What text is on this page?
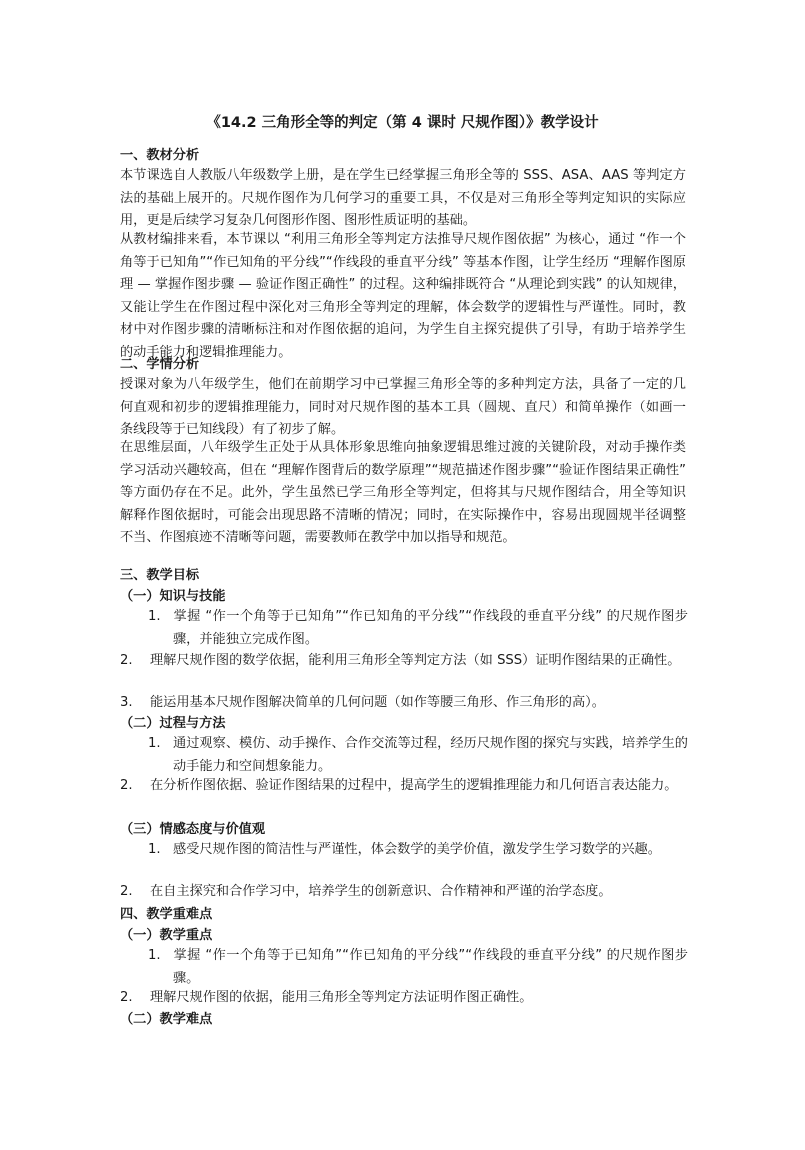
《14.2 三角形全等的判定（第 4 课时 尺规作图）》教学设计
一、教材分析
本节课选自人教版八年级数学上册，是在学生已经掌握三角形全等的 SSS、ASA、AAS 等判定方法的基础上展开的。尺规作图作为几何学习的重要工具，不仅是对三角形全等判定知识的实际应用，更是后续学习复杂几何图形作图、图形性质证明的基础。
从教材编排来看，本节课以 “利用三角形全等判定方法推导尺规作图依据” 为核心，通过 “作一个角等于已知角”“作已知角的平分线”“作线段的垂直平分线” 等基本作图，让学生经历 “理解作图原理 — 掌握作图步骤 — 验证作图正确性” 的过程。这种编排既符合 “从理论到实践” 的认知规律，又能让学生在作图过程中深化对三角形全等判定的理解，体会数学的逻辑性与严谨性。同时，教材中对作图步骤的清晰标注和对作图依据的追问，为学生自主探究提供了引导，有助于培养学生的动手能力和逻辑推理能力。
二、学情分析
授课对象为八年级学生，他们在前期学习中已掌握三角形全等的多种判定方法，具备了一定的几何直观和初步的逻辑推理能力，同时对尺规作图的基本工具（圆规、直尺）和简单操作（如画一条线段等于已知线段）有了初步了解。
在思维层面，八年级学生正处于从具体形象思维向抽象逻辑思维过渡的关键阶段，对动手操作类学习活动兴趣较高，但在 “理解作图背后的数学原理”“规范描述作图步骤”“验证作图结果正确性” 等方面仍存在不足。此外，学生虽然已学三角形全等判定，但将其与尺规作图结合，用全等知识解释作图依据时，可能会出现思路不清晰的情况；同时，在实际操作中，容易出现圆规半径调整不当、作图痕迹不清晰等问题，需要教师在教学中加以指导和规范。
三、教学目标
（一）知识与技能
1. 掌握 “作一个角等于已知角”“作已知角的平分线”“作线段的垂直平分线” 的尺规作图步骤，并能独立完成作图。
2. 理解尺规作图的数学依据，能利用三角形全等判定方法（如 SSS）证明作图结果的正确性。
3. 能运用基本尺规作图解决简单的几何问题（如作等腰三角形、作三角形的高）。
（二）过程与方法
1. 通过观察、模仿、动手操作、合作交流等过程，经历尺规作图的探究与实践，培养学生的动手能力和空间想象能力。
2. 在分析作图依据、验证作图结果的过程中，提高学生的逻辑推理能力和几何语言表达能力。
（三）情感态度与价值观
1. 感受尺规作图的简洁性与严谨性，体会数学的美学价值，激发学生学习数学的兴趣。
2. 在自主探究和合作学习中，培养学生的创新意识、合作精神和严谨的治学态度。
四、教学重难点
（一）教学重点
1. 掌握 “作一个角等于已知角”“作已知角的平分线”“作线段的垂直平分线” 的尺规作图步骤。
2. 理解尺规作图的依据，能用三角形全等判定方法证明作图正确性。
（二）教学难点
